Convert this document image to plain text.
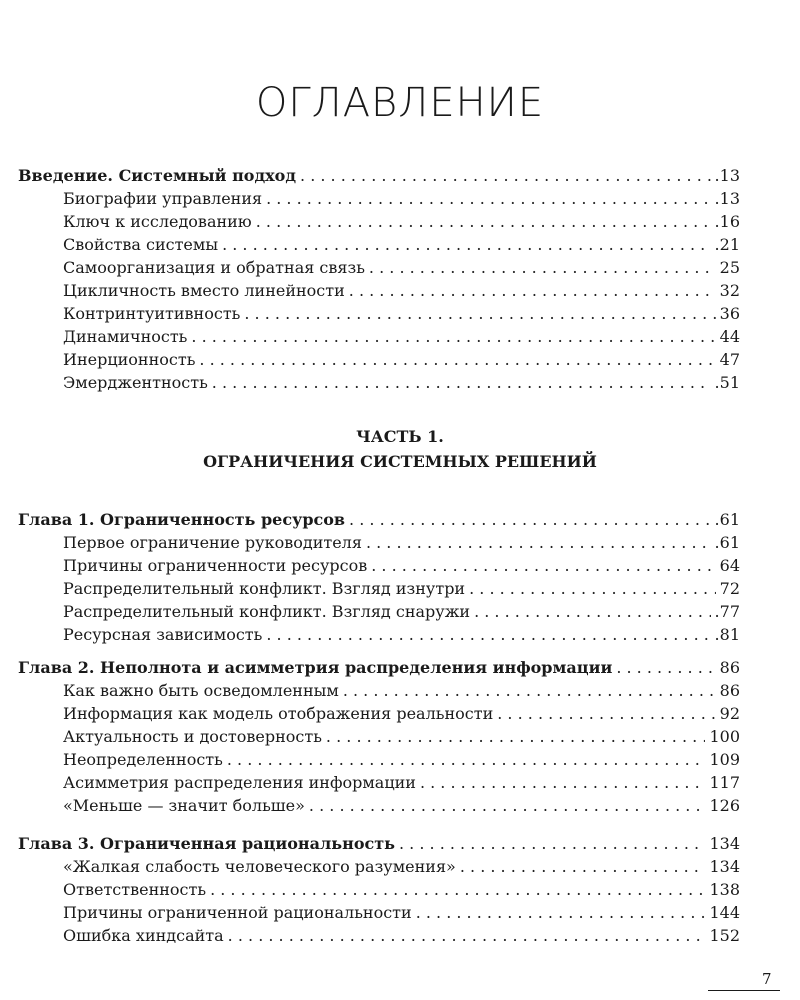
ОГЛАВЛЕНИЕ
Введение. Системный подход . . .	.13
Биографии управления . . .	.13
Ключ к исследованию . . .	.16
Свойства системы . . .	.21
Самоорганизация и обратная связь . . .	25
Цикличность вместо линейности . . .	32
Контринтуитивность . . .	36
Динамичность . . .	44
Инерционность . . .	47
Эмерджентность . . .	.51
ЧАСТЬ 1.
ОГРАНИЧЕНИЯ СИСТЕМНЫХ РЕШЕНИЙ
Глава 1. Ограниченность ресурсов . . .	.61
Первое ограничение руководителя . . .	.61
Причины ограниченности ресурсов . . .	64
Распределительный конфликт. Взгляд изнутри . . .	72
Распределительный конфликт. Взгляд снаружи . . .	.77
Ресурсная зависимость . . .	.81
Глава 2. Неполнота и асимметрия распределения информации . . .	86
Как важно быть осведомленным . . .	86
Информация как модель отображения реальности . . .	92
Актуальность и достоверность . . .	100
Неопределенность . . .	109
Асимметрия распределения информации . . .	117
«Меньше — значит больше» . . .	126
Глава 3. Ограниченная рациональность . . .	134
«Жалкая слабость человеческого разумения» . . .	134
Ответственность . . .	138
Причины ограниченной рациональности . . .	144
Ошибка хиндсайта . . .	152
7
